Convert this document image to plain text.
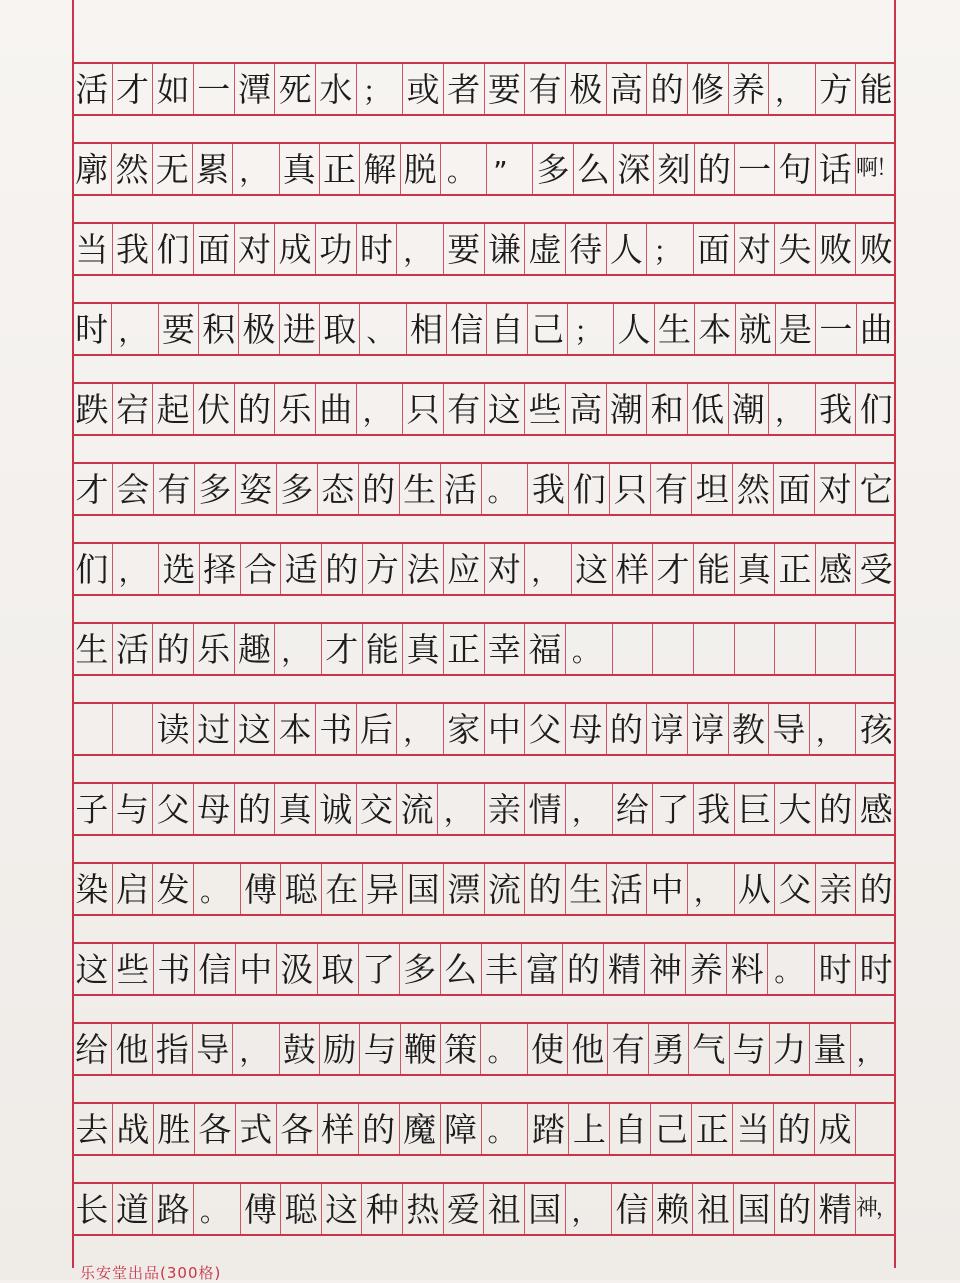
活 才 如 一 潭 死 水 ； 或 者 要 有 极 高 的 修 养 ， 方 能
廓 然 无 累 ， 真 正 解 脱 。 ” 多 么 深 刻 的 一 句 话 啊！
当 我 们 面 对 成 功 时 ， 要 谦 虚 待 人 ； 面 对 失 败 败
时 ， 要 积 极 进 取 、 相 信 自 己 ； 人 生 本 就 是 一 曲
跌 宕 起 伏 的 乐 曲 ， 只 有 这 些 高 潮 和 低 潮 ， 我 们
才 会 有 多 姿 多 态 的 生 活 。 我 们 只 有 坦 然 面 对 它
们 ， 选 择 合 适 的 方 法 应 对 ， 这 样 才 能 真 正 感 受
生 活 的 乐 趣 ， 才 能 真 正 幸 福 。
读 过 这 本 书 后 ， 家 中 父 母 的 谆 谆 教 导 ， 孩
子 与 父 母 的 真 诚 交 流 ， 亲 情 ， 给 了 我 巨 大 的 感
染 启 发 。 傅 聪 在 异 国 漂 流 的 生 活 中 ， 从 父 亲 的
这 些 书 信 中 汲 取 了 多 么 丰 富 的 精 神 养 料 。 时 时
给 他 指 导 ， 鼓 励 与 鞭 策 。 使 他 有 勇 气 与 力 量 ，
去 战 胜 各 式 各 样 的 魔 障 。 踏 上 自 己 正 当 的 成
长 道 路 。 傅 聪 这 种 热 爱 祖 国 ， 信 赖 祖 国 的 精 神，
乐安堂出品(300格)
